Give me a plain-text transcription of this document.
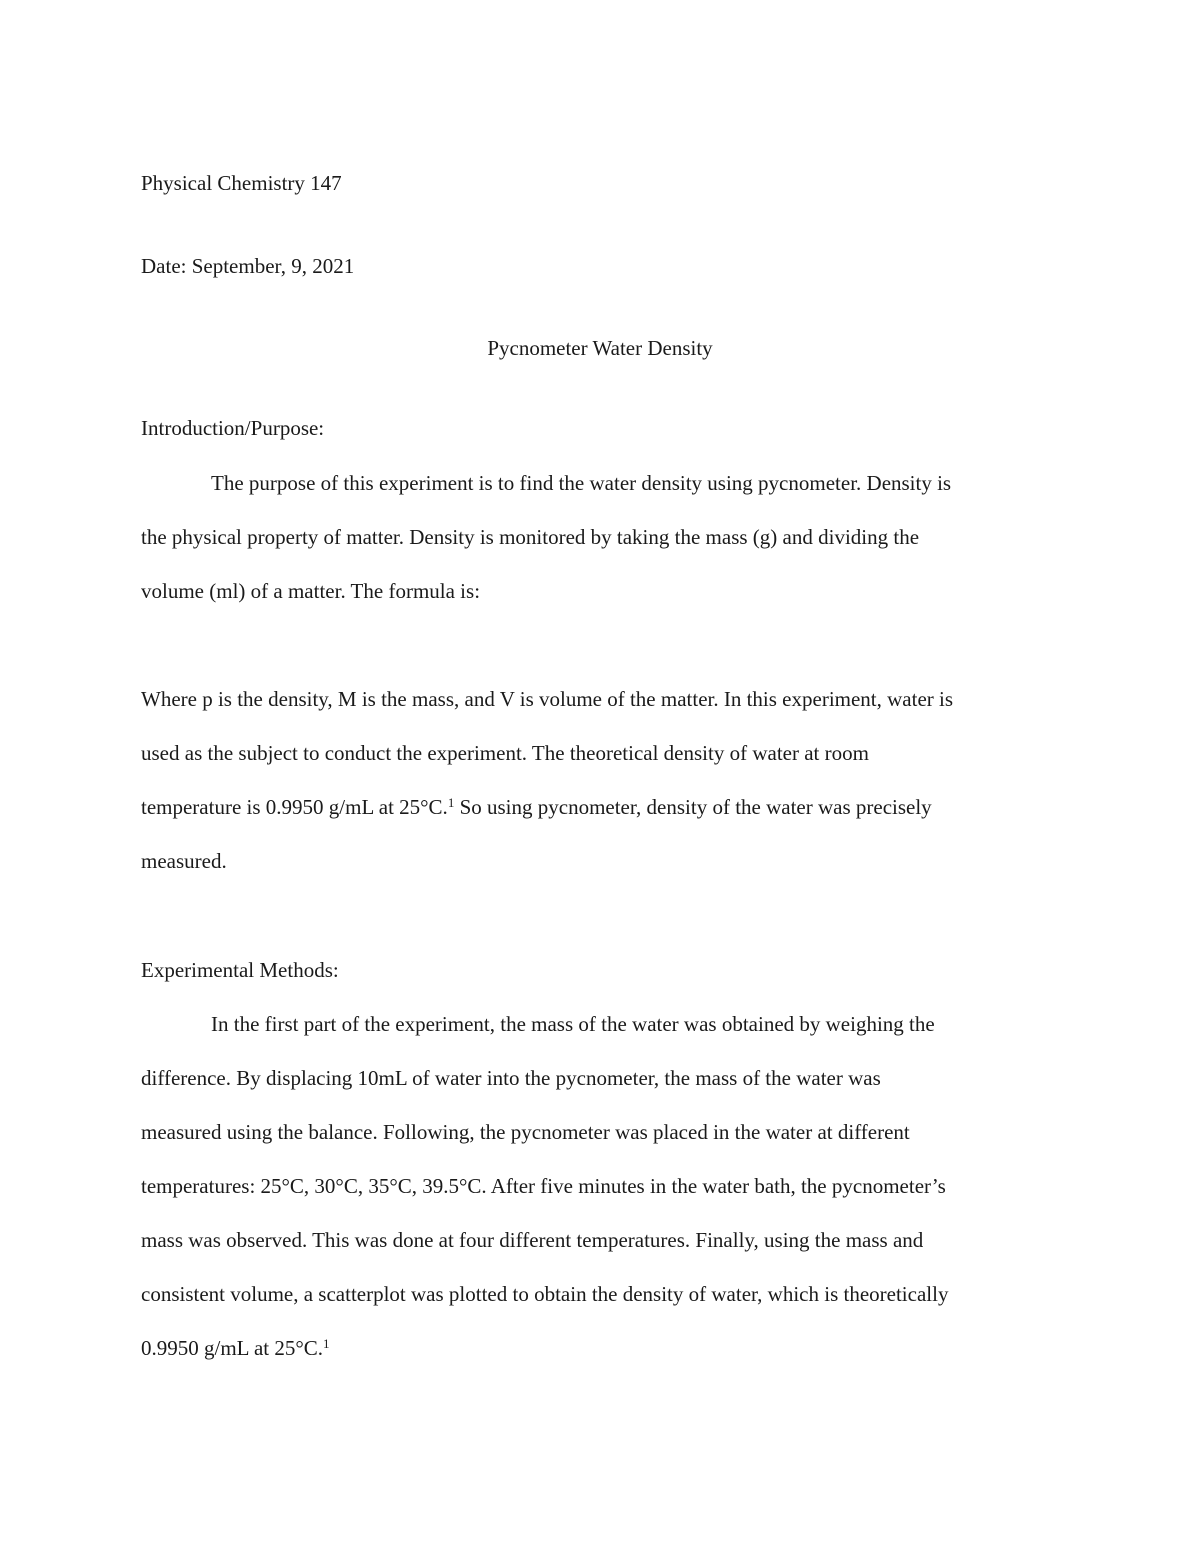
Physical Chemistry 147

Date: September, 9, 2021

Pycnometer Water Density

Introduction/Purpose:

The purpose of this experiment is to find the water density using pycnometer. Density is

the physical property of matter. Density is monitored by taking the mass (g) and dividing the

volume (ml) of a matter. The formula is:

Where p is the density, M is the mass, and V is volume of the matter. In this experiment, water is

used as the subject to conduct the experiment. The theoretical density of water at room

temperature is 0.9950 g/mL at 25°C.$^1$ So using pycnometer, density of the water was precisely

measured.

Experimental Methods:

In the first part of the experiment, the mass of the water was obtained by weighing the

difference. By displacing 10mL of water into the pycnometer, the mass of the water was

measured using the balance. Following, the pycnometer was placed in the water at different

temperatures: 25°C, 30°C, 35°C, 39.5°C. After five minutes in the water bath, the pycnometer’s

mass was observed. This was done at four different temperatures. Finally, using the mass and

consistent volume, a scatterplot was plotted to obtain the density of water, which is theoretically

0.9950 g/mL at 25°C.$^1$
